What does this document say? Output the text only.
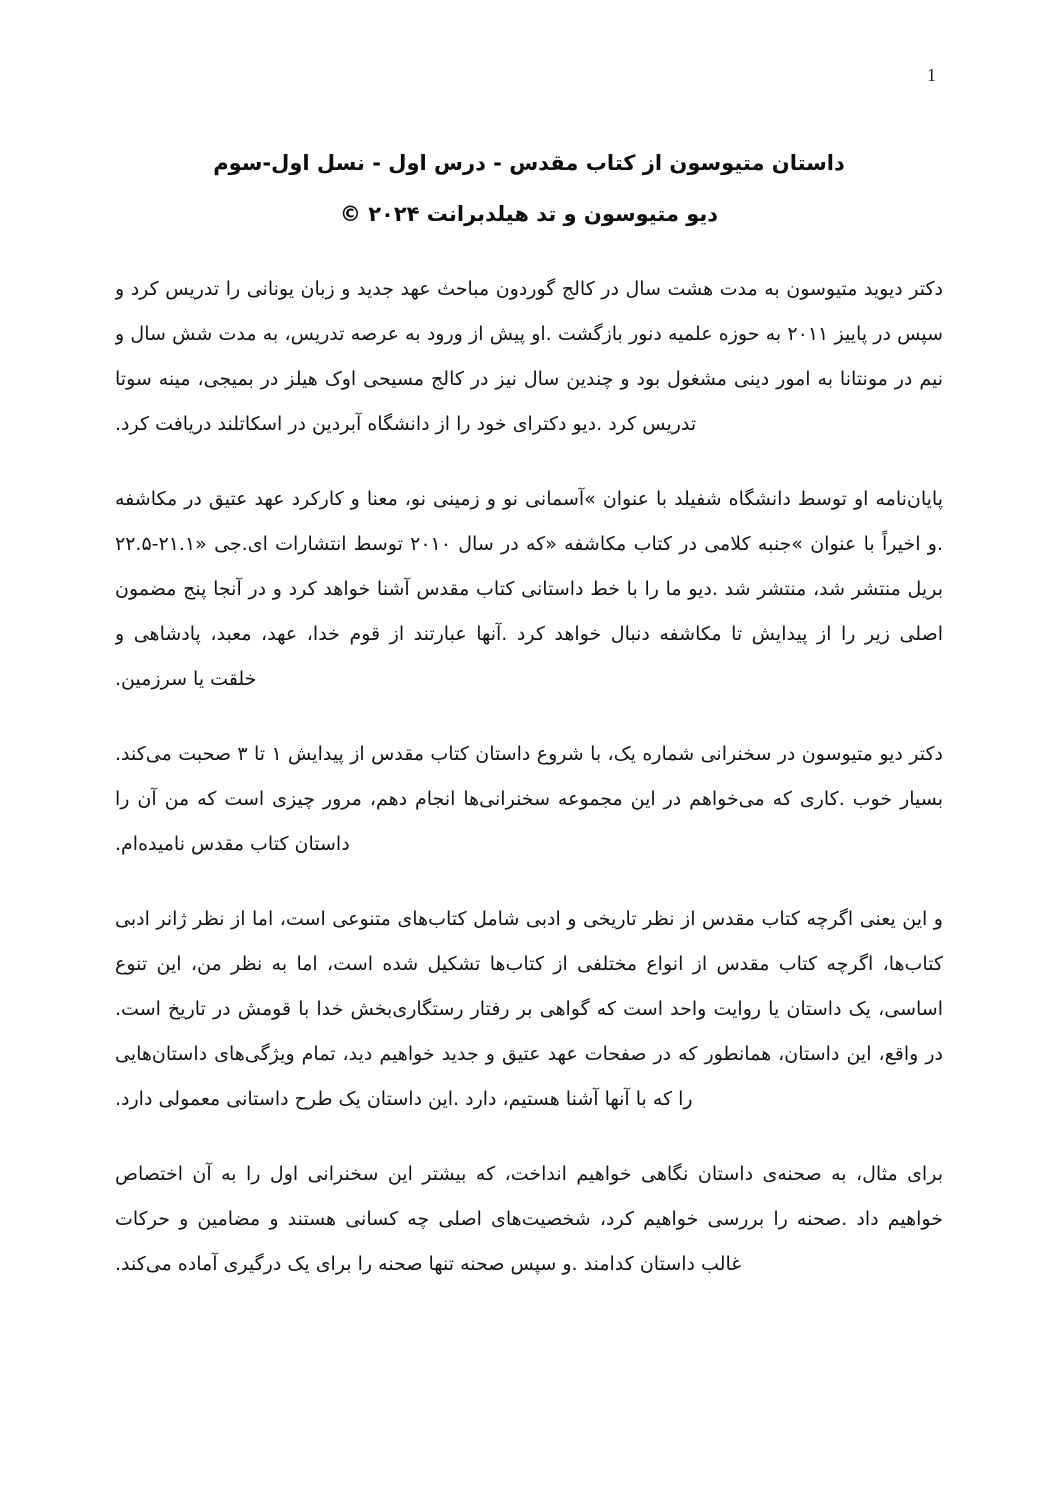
1
داستان متیوسون از کتاب مقدس - درس اول - نسل اول-سوم
دیو متیوسون و تد هیلدبرانت ۲۰۲۴ ©
دکتر دیوید متیوسون به مدت هشت سال در کالج گوردون مباحث عهد جدید و زبان یونانی را تدریس کرد و
سپس در پاییز ۲۰۱۱ به حوزه علمیه دنور بازگشت .او پیش از ورود به عرصه تدریس، به مدت شش سال و
نیم در مونتانا به امور دینی مشغول بود و چندین سال نیز در کالج مسیحی اوک هیلز در بمیجی، مینه سوتا
تدریس کرد .دیو دکترای خود را از دانشگاه آبردین در اسکاتلند دریافت کرد.
پایان‌نامه او توسط دانشگاه شفیلد با عنوان »آسمانی نو و زمینی نو، معنا و کارکرد عهد عتیق در مکاشفه
.و اخیراً با عنوان »جنبه کلامی در کتاب مکاشفه «که در سال ۲۰۱۰ توسط انتشارات ای.جی «۲۱.۱-۲۲.۵
بریل منتشر شد، منتشر شد .دیو ما را با خط داستانی کتاب مقدس آشنا خواهد کرد و در آنجا پنج مضمون
اصلی زیر را از پیدایش تا مکاشفه دنبال خواهد کرد .آنها عبارتند از قوم خدا، عهد، معبد، پادشاهی و
خلقت یا سرزمین.
دکتر دیو متیوسون در سخنرانی شماره یک، با شروع داستان کتاب مقدس از پیدایش ۱ تا ۳ صحبت می‌کند.
بسیار خوب .کاری که می‌خواهم در این مجموعه سخنرانی‌ها انجام دهم، مرور چیزی است که من آن را
داستان کتاب مقدس نامیده‌ام.
و این یعنی اگرچه کتاب مقدس از نظر تاریخی و ادبی شامل کتاب‌های متنوعی است، اما از نظر ژانر ادبی
کتاب‌ها، اگرچه کتاب مقدس از انواع مختلفی از کتاب‌ها تشکیل شده است، اما به نظر من، این تنوع
اساسی، یک داستان یا روایت واحد است که گواهی بر رفتار رستگاری‌بخش خدا با قومش در تاریخ است.
در واقع، این داستان، همانطور که در صفحات عهد عتیق و جدید خواهیم دید، تمام ویژگی‌های داستان‌هایی
را که با آنها آشنا هستیم، دارد .این داستان یک طرح داستانی معمولی دارد.
برای مثال، به صحنه‌ی داستان نگاهی خواهیم انداخت، که بیشتر این سخنرانی اول را به آن اختصاص
خواهیم داد .صحنه را بررسی خواهیم کرد، شخصیت‌های اصلی چه کسانی هستند و مضامین و حرکات
غالب داستان کدامند .و سپس صحنه تنها صحنه را برای یک درگیری آماده می‌کند.
